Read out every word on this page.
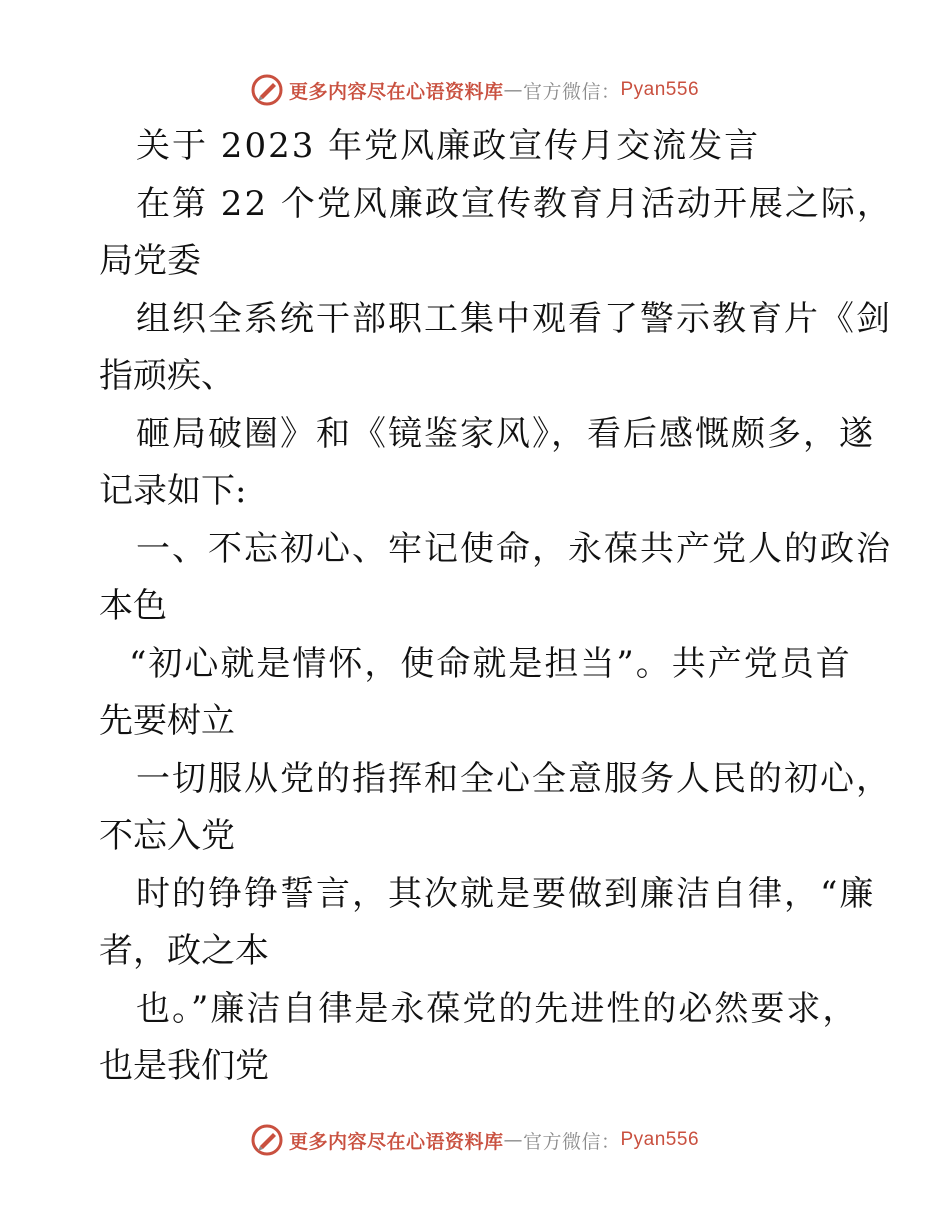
更多内容尽在心语资料库 — 官方微信： Pyan556
关于 2023 年党风廉政宣传月交流发言
在第 22 个党风廉政宣传教育月活动开展之际，
局党委
组织全系统干部职工集中观看了警示教育片《剑
指顽疾、
砸局破圈》和《镜鉴家风》，看后感慨颇多，遂
记录如下:
一、不忘初心、牢记使命，永葆共产党人的政治
本色
“初心就是情怀，使命就是担当”。共产党员首
先要树立
一切服从党的指挥和全心全意服务人民的初心，
不忘入党
时的铮铮誓言，其次就是要做到廉洁自律，“廉
者，政之本
也。”廉洁自律是永葆党的先进性的必然要求，
也是我们党
更多内容尽在心语资料库 — 官方微信： Pyan556
